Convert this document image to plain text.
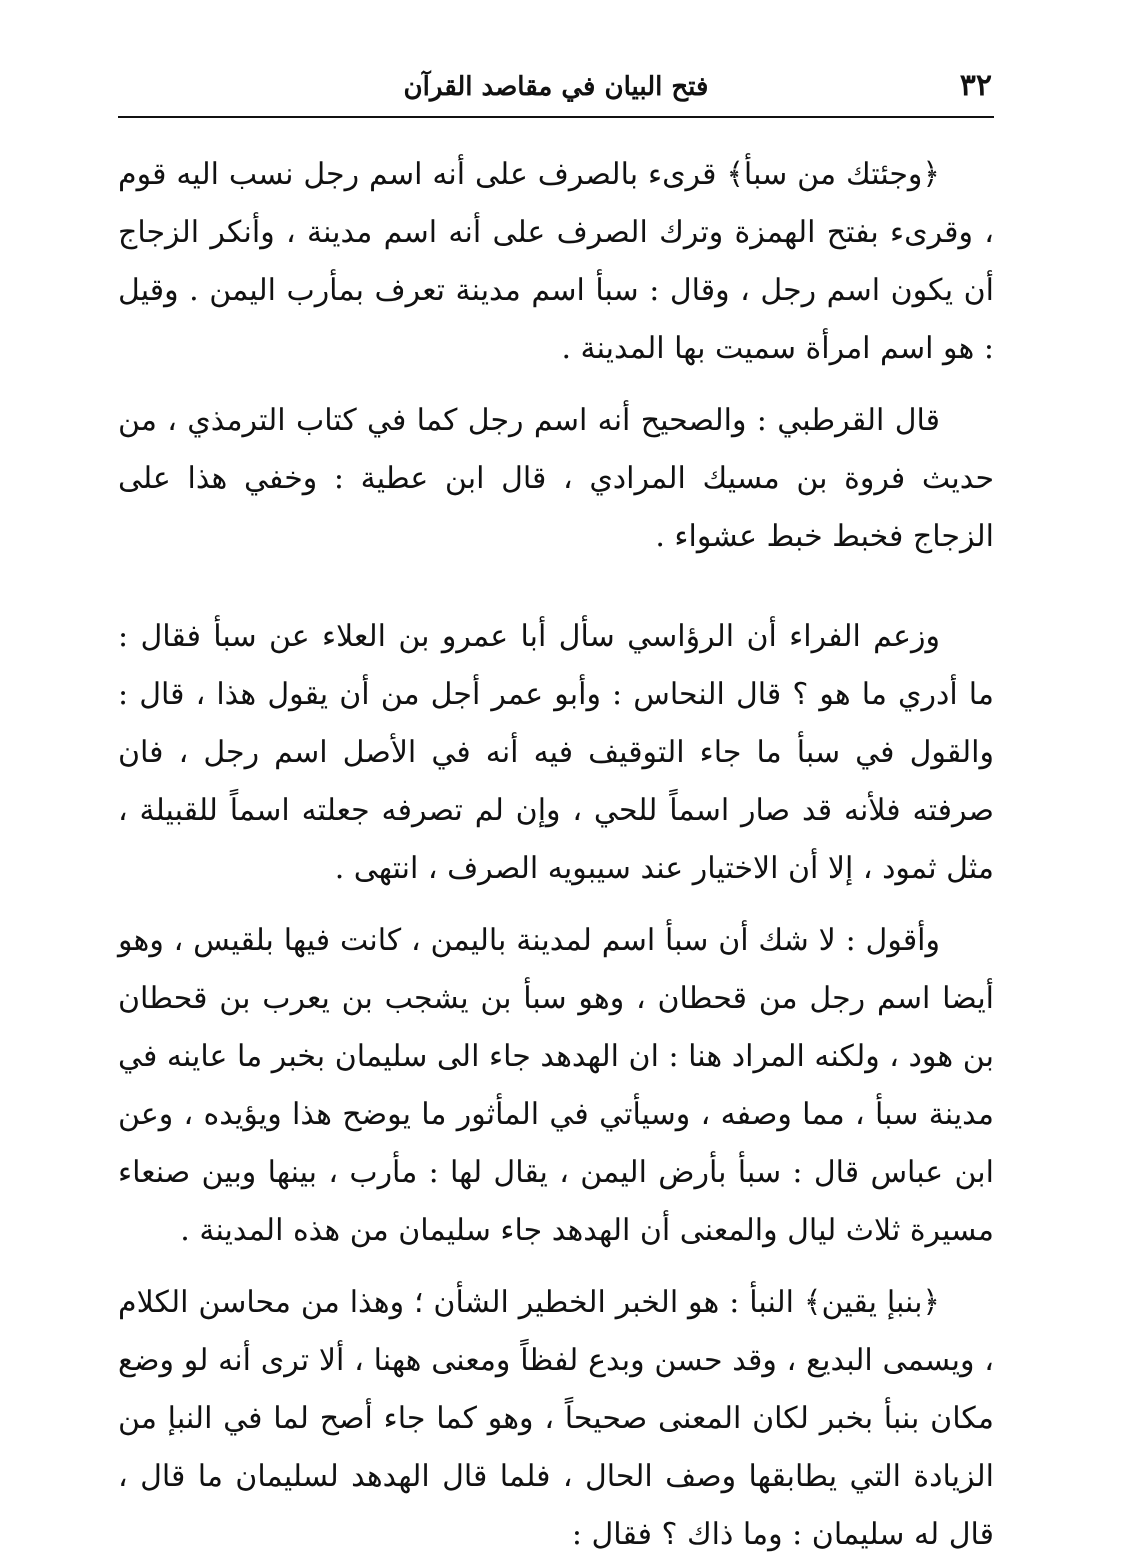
٣٢
فتح البيان في مقاصد القرآن

﴿وجئتك من سبأ﴾ قرىء بالصرف على أنه اسم رجل نسب اليه قوم ، وقرىء بفتح الهمزة وترك الصرف على أنه اسم مدينة ، وأنكر الزجاج أن يكون اسم رجل ، وقال : سبأ اسم مدينة تعرف بمأرب اليمن . وقيل : هو اسم امرأة سميت بها المدينة .

قال القرطبي : والصحيح أنه اسم رجل كما في كتاب الترمذي ، من حديث فروة بن مسيك المرادي ، قال ابن عطية : وخفي هذا على الزجاج فخبط خبط عشواء .

وزعم الفراء أن الرؤاسي سأل أبا عمرو بن العلاء عن سبأ فقال : ما أدري ما هو ؟ قال النحاس : وأبو عمر أجل من أن يقول هذا ، قال : والقول في سبأ ما جاء التوقيف فيه أنه في الأصل اسم رجل ، فان صرفته فلأنه قد صار اسماً للحي ، وإن لم تصرفه جعلته اسماً للقبيلة ، مثل ثمود ، إلا أن الاختيار عند سيبويه الصرف ، انتهى .

وأقول : لا شك أن سبأ اسم لمدينة باليمن ، كانت فيها بلقيس ، وهو أيضا اسم رجل من قحطان ، وهو سبأ بن يشجب بن يعرب بن قحطان بن هود ، ولكنه المراد هنا : ان الهدهد جاء الى سليمان بخبر ما عاينه في مدينة سبأ ، مما وصفه ، وسيأتي في المأثور ما يوضح هذا ويؤيده ، وعن ابن عباس قال : سبأ بأرض اليمن ، يقال لها : مأرب ، بينها وبين صنعاء مسيرة ثلاث ليال والمعنى أن الهدهد جاء سليمان من هذه المدينة .

﴿بنبإ يقين﴾ النبأ : هو الخبر الخطير الشأن ؛ وهذا من محاسن الكلام ، ويسمى البديع ، وقد حسن وبدع لفظاً ومعنى ههنا ، ألا ترى أنه لو وضع مكان بنبأ بخبر لكان المعنى صحيحاً ، وهو كما جاء أصح لما في النبإ من الزيادة التي يطابقها وصف الحال ، فلما قال الهدهد لسليمان ما قال ، قال له سليمان : وما ذاك ؟ فقال :
